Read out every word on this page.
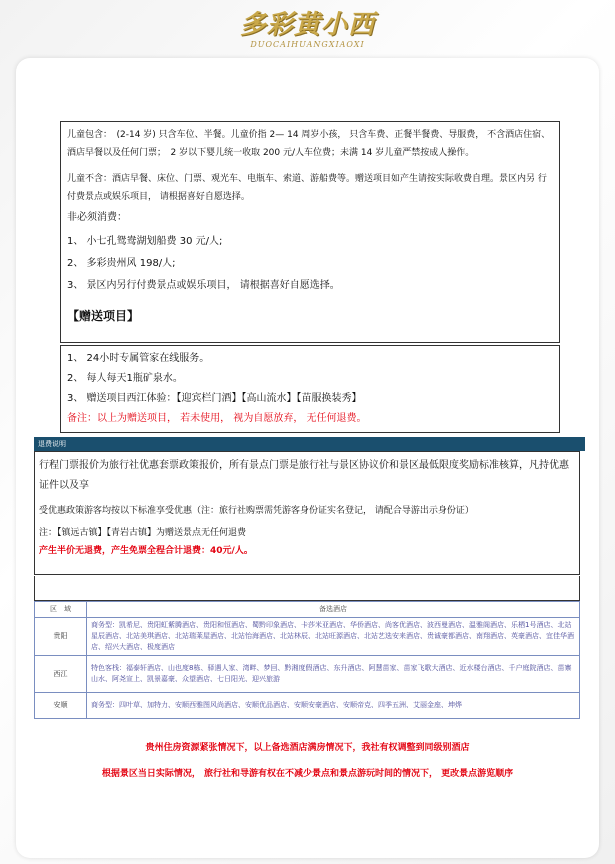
多彩黄小西
DUOCAIHUANGXIAOXI
儿童包含：　(2-14 岁) 只含车位、半餐。儿童价指 2— 14 周岁小孩， 只含车费、正餐半餐费、导服费， 不含酒店住宿、酒店早餐以及任何门票；　2 岁以下婴儿统一收取 200 元/人车位费；未满 14 岁儿童严禁按成人操作。
儿童不含：酒店早餐、床位、门票、观光车、电瓶车、索道、游船费等。赠送项目如产生请按实际收费自理。景区内另 行付费景点或娱乐项目， 请根据喜好自愿选择。
非必须消费：
1、 小七孔鸳鸯湖划船费 30 元/人;
2、 多彩贵州风 198/人;
3、 景区内另行付费景点或娱乐项目， 请根据喜好自愿选择。
【赠送项目】
1、 24小时专属管家在线服务。
2、 每人每天1瓶矿泉水。
3、 赠送项目西江体验：【迎宾栏门酒】【高山流水】【苗服换装秀】
备注：以上为赠送项目， 若未使用， 视为自愿放弃， 无任何退费。
退费说明
行程门票报价为旅行社优惠套票政策报价，所有景点门票是旅行社与景区协议价和景区最低限度奖励标准核算，凡持优惠证件以及享
受优惠政策游客均按以下标准享受优惠（注：旅行社购票需凭游客身份证实名登记， 请配合导游出示身份证）
注：【镇远古镇】【青岩古镇】为赠送景点无任何退费
产生半价无退费，产生免票全程合计退费：40元/人。
区　域	备选酒店
贵阳	商务型：凯希尼、贵阳虹紫腾酒店、贵阳和恒酒店、蜀黔印象酒店、卡莎米亚酒店、华侨酒店、尚客优酒店、波西曼酒店、温雅阁酒店、乐栖1号酒店、北站星辰酒店、北站美琪酒店、北站瑞莱屋酒店、北站怡海酒店、北站林辰、北站旺源酒店、北站艺选安来酒店、贵诚豪都酒店、南翔酒店、英豪酒店、宜佳华酒店、绍兴大酒店、极度酒店
西江	特色客栈：福泰轩酒店、山也度8栋、驿遇人家、湾畔、梦回、黔湘度假酒店、东升酒店、阿慧苗家、苗家飞歌大酒店、近水楼台酒店、千户庭院酒店、苗寨山水、阿尧宣上、凯景嘉豪、众望酒店、七日阳光、迎兴旅游
安顺	商务型：四叶草、加特力、安顺西雅图风尚酒店、安顺优品酒店、安顺安豪酒店、安顺帝克、四季五洲、艾丽金座、坤烨
贵州住房资源紧张情况下，以上备选酒店满房情况下，我社有权调整到同级别酒店
根据景区当日实际情况， 旅行社和导游有权在不减少景点和景点游玩时间的情况下， 更改景点游览顺序
